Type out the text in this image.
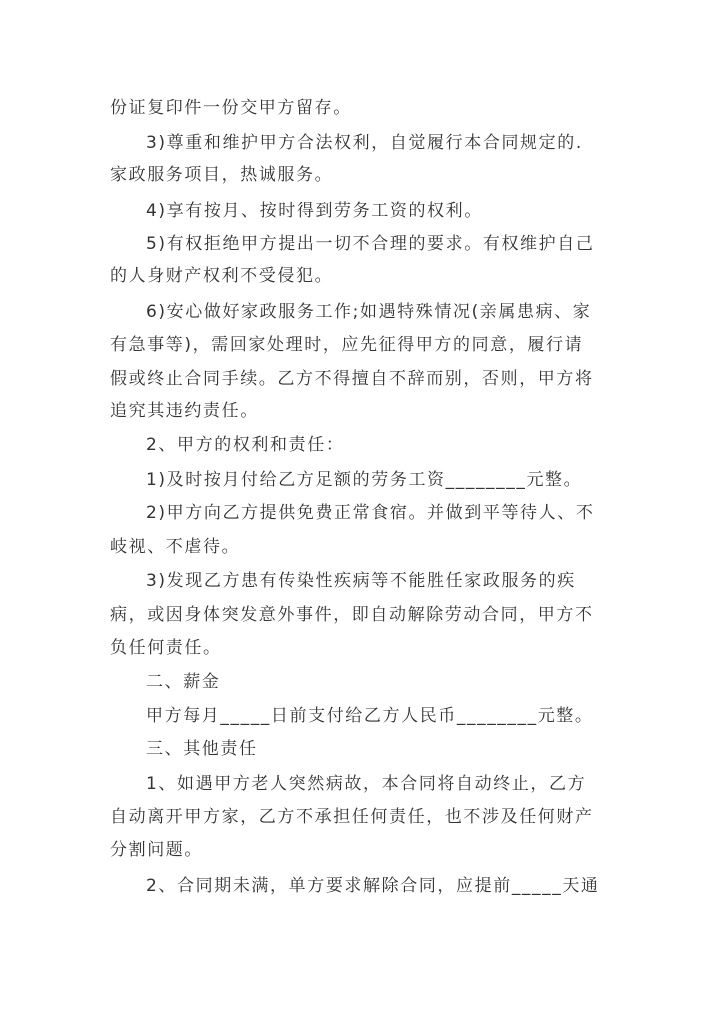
份证复印件一份交甲方留存。
3)尊重和维护甲方合法权利，自觉履行本合同规定的.
家政服务项目，热诚服务。
4)享有按月、按时得到劳务工资的权利。
5)有权拒绝甲方提出一切不合理的要求。有权维护自己
的人身财产权利不受侵犯。
6)安心做好家政服务工作;如遇特殊情况(亲属患病、家
有急事等)，需回家处理时，应先征得甲方的同意，履行请
假或终止合同手续。乙方不得擅自不辞而别，否则，甲方将
追究其违约责任。
2、甲方的权利和责任：
1)及时按月付给乙方足额的劳务工资________元整。
2)甲方向乙方提供免费正常食宿。并做到平等待人、不
岐视、不虐待。
3)发现乙方患有传染性疾病等不能胜任家政服务的疾
病，或因身体突发意外事件，即自动解除劳动合同，甲方不
负任何责任。
二、薪金
甲方每月_____日前支付给乙方人民币________元整。
三、其他责任
1、如遇甲方老人突然病故，本合同将自动终止，乙方
自动离开甲方家，乙方不承担任何责任，也不涉及任何财产
分割问题。
2、合同期未满，单方要求解除合同，应提前_____天通
